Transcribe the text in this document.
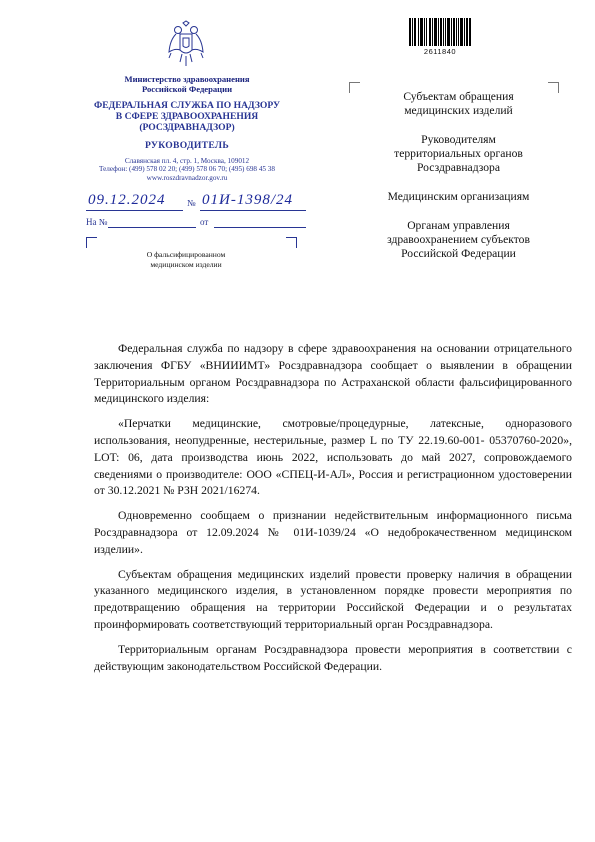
Министерство здравоохранения
Российской Федерации
ФЕДЕРАЛЬНАЯ СЛУЖБА ПО НАДЗОРУ
В СФЕРЕ ЗДРАВООХРАНЕНИЯ
(РОСЗДРАВНАДЗОР)
РУКОВОДИТЕЛЬ
Славянская пл. 4, стр. 1, Москва, 109012
Телефон: (499) 578 02 20; (499) 578 06 70; (495) 698 45 38
www.roszdravnadzor.gov.ru
09.12.2024 № 01И-1398/24
На №	от
О фальсифицированном
медицинском изделии
2611840
Субъектам обращения
медицинских изделий
Руководителям
территориальных органов
Росздравнадзора
Медицинским организациям
Органам управления
здравоохранением субъектов
Российской Федерации

Федеральная служба по надзору в сфере здравоохранения на основании отрицательного заключения ФГБУ «ВНИИИМТ» Росздравнадзора сообщает о выявлении в обращении Территориальным органом Росздравнадзора по Астраханской области фальсифицированного медицинского изделия:

«Перчатки медицинские, смотровые/процедурные, латексные, одноразового использования, неопудренные, нестерильные, размер L по ТУ 22.19.60-001- 05370760-2020», LOT: 06, дата производства июнь 2022, использовать до май 2027, сопровождаемого сведениями о производителе: ООО «СПЕЦ-И-АЛ», Россия и регистрационном удостоверении от 30.12.2021 № РЗН 2021/16274.

Одновременно сообщаем о признании недействительным информационного письма Росздравнадзора от 12.09.2024 № 01И-1039/24 «О недоброкачественном медицинском изделии».

Субъектам обращения медицинских изделий провести проверку наличия в обращении указанного медицинского изделия, в установленном порядке провести мероприятия по предотвращению обращения на территории Российской Федерации и о результатах проинформировать соответствующий территориальный орган Росздравнадзора.

Территориальным органам Росздравнадзора провести мероприятия в соответствии с действующим законодательством Российской Федерации.
